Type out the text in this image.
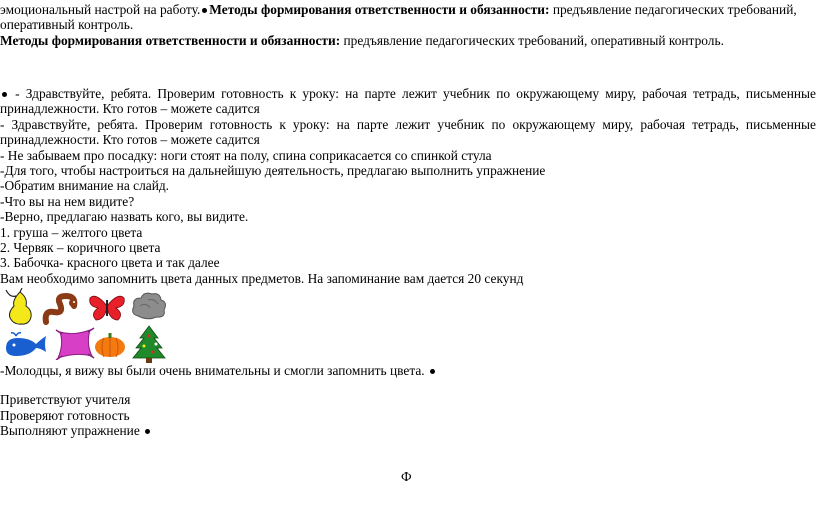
эмоциональный настрой на работу. Методы формирования ответственности и обязанности: предъявление педагогических требований,
оперативный контроль.
Методы формирования ответственности и обязанности: предъявление педагогических требований, оперативный контроль.
- Здравствуйте, ребята. Проверим готовность к уроку: на парте лежит учебник по окружающему миру, рабочая тетрадь, письменные
принадлежности. Кто готов – можете садится
- Здравствуйте, ребята. Проверим готовность к уроку: на парте лежит учебник по окружающему миру, рабочая тетрадь, письменные
принадлежности. Кто готов – можете садится
- Не забываем про посадку: ноги стоят на полу, спина соприкасается со спинкой стула
-Для того, чтобы настроиться на дальнейшую деятельность, предлагаю выполнить упражнение
-Обратим внимание на слайд.
-Что вы на нем видите?
-Верно, предлагаю назвать кого, вы видите.
1. груша – желтого цвета
2. Червяк – коричного цвета
3. Бабочка- красного цвета и так далее
Вам необходимо запомнить цвета данных предметов. На запоминание вам дается 20 секунд
-Молодцы, я вижу вы были очень внимательны и смогли запомнить цвета.
Приветствуют учителя
Проверяют готовность
Выполняют упражнение
Ф
